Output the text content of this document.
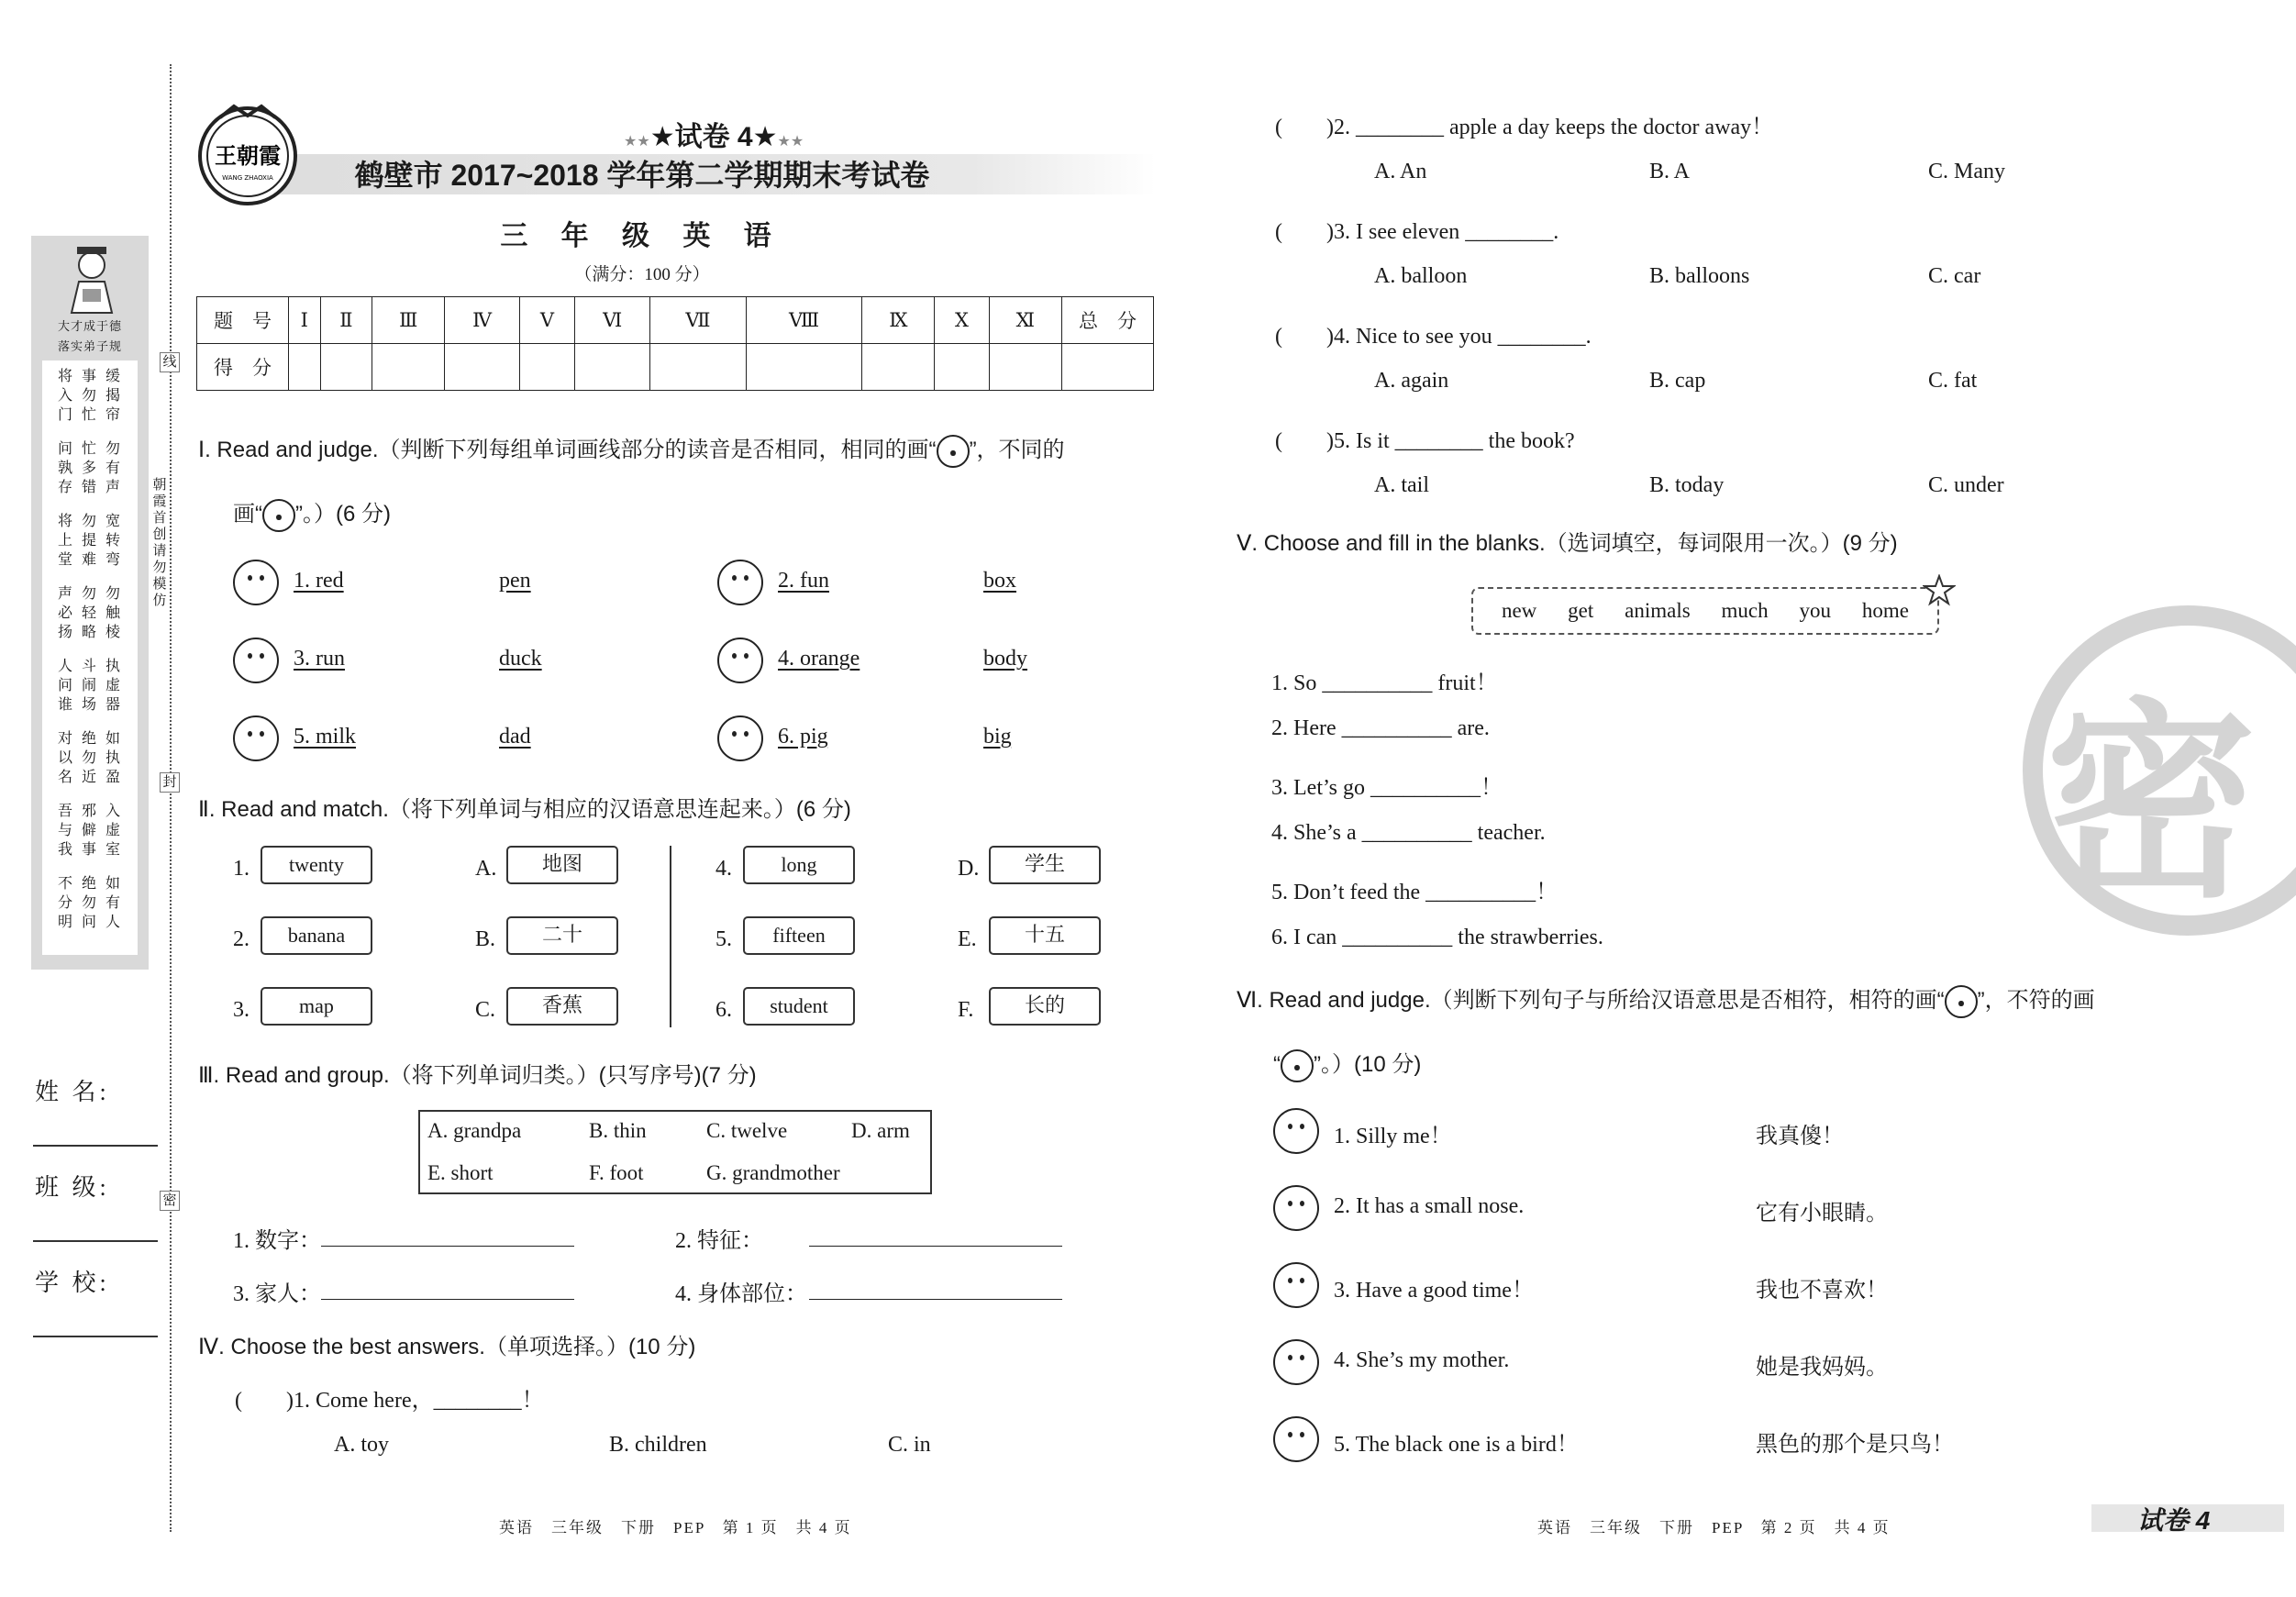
大才成于德
落实弟子规
将 事 缓
入 勿 揭
门 忙 帘
问 忙 勿
孰 多 有
存 错 声
将 勿 宽
上 提 转
堂 难 弯
声 勿 勿
必 轻 触
扬 略 棱
人 斗 执
问 闹 虚
谁 场 器
对 绝 如
以 勿 执
名 近 盈
吾 邪 入
与 僻 虚
我 事 室
不 绝 如
分 勿 有
明 问 人
姓 名:
班 级:
学 校:
线
封
密
朝霞首创 请勿模仿
王朝霞
WANG ZHAOXIA
★★★试卷 4★★★
鹤壁市 2017~2018 学年第二学期期末考试卷
三 年 级 英 语
（满分：100 分）
题　号	Ⅰ	Ⅱ	Ⅲ	Ⅳ	Ⅴ	Ⅵ	Ⅶ	Ⅷ	Ⅸ	Ⅹ	Ⅺ	总　分
得　分												
Ⅰ. Read and judge.（判断下列每组单词画线部分的读音是否相同，相同的画“ ”，不同的
画“ ”。）(6 分)
1. red	pen	2. fun	box
3. run	duck	4. orange	body
5. milk	dad	6. pig	big
Ⅱ. Read and match.（将下列单词与相应的汉语意思连起来。）(6 分)
1.	twenty	A.	地图
2.	banana	B.	二十
3.	map	C.	香蕉
4.	long	D.	学生
5.	fifteen	E.	十五
6.	student	F.	长的
Ⅲ. Read and group.（将下列单词归类。）(只写序号)(7 分)
A. grandpa	B. thin	C. twelve	D. arm
E. short	F. foot	G. grandmother
1. 数字：	2. 特征：
3. 家人：	4. 身体部位：
Ⅳ. Choose the best answers.（单项选择。）(10 分)
(　　)1. Come here，________！
A. toy	B. children	C. in
英语　三年级　下册　PEP　第 1 页　共 4 页
(　　)2. ________ apple a day keeps the doctor away！
A. An	B. A	C. Many
(　　)3. I see eleven ________.
A. balloon	B. balloons	C. car
(　　)4. Nice to see you ________.
A. again	B. cap	C. fat
(　　)5. Is it ________ the book?
A. tail	B. today	C. under
Ⅴ. Choose and fill in the blanks.（选词填空，每词限用一次。）(9 分)
new get animals much you home
1. So __________ fruit！
2. Here __________ are.
3. Let’s go __________！
4. She’s a __________ teacher.
5. Don’t feed the __________！
6. I can __________ the strawberries.
Ⅵ. Read and judge.（判断下列句子与所给汉语意思是否相符，相符的画“ ”，不符的画
“ ”。）(10 分)
1. Silly me！	我真傻！
2. It has a small nose.	它有小眼睛。
3. Have a good time！	我也不喜欢！
4. She’s my mother.	她是我妈妈。
5. The black one is a bird！	黑色的那个是只鸟！
密
英语　三年级　下册　PEP　第 2 页　共 4 页	试卷 4
